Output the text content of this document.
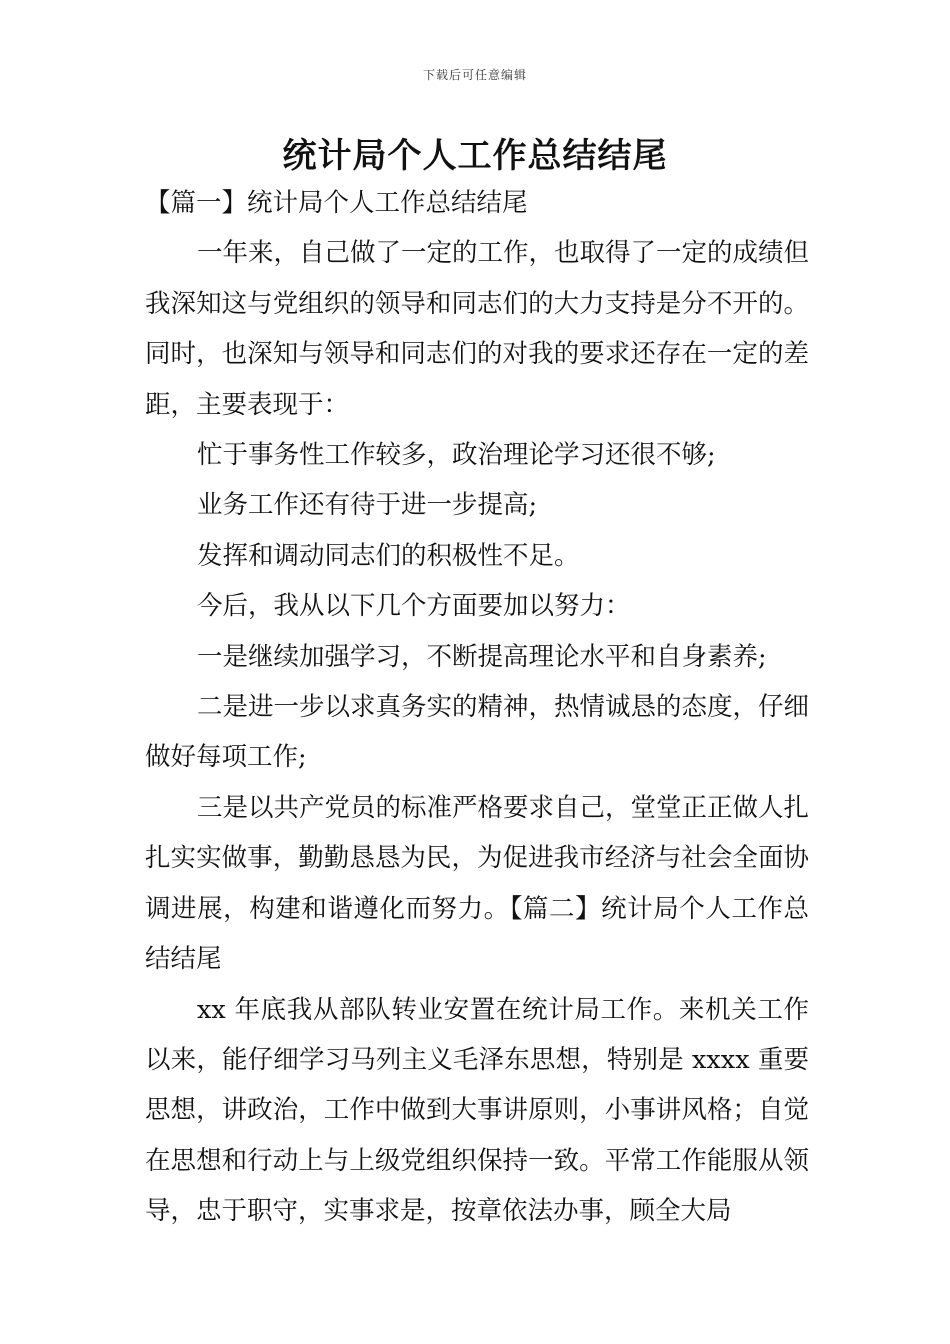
下载后可任意编辑
统计局个人工作总结结尾

【篇一】统计局个人工作总结结尾

一年来，自己做了一定的工作，也取得了一定的成绩但我深知这与党组织的领导和同志们的大力支持是分不开的。同时，也深知与领导和同志们的对我的要求还存在一定的差距，主要表现于：

忙于事务性工作较多，政治理论学习还很不够;

业务工作还有待于进一步提高;

发挥和调动同志们的积极性不足。

今后，我从以下几个方面要加以努力：

一是继续加强学习，不断提高理论水平和自身素养;

二是进一步以求真务实的精神，热情诚恳的态度，仔细做好每项工作;

三是以共产党员的标准严格要求自己，堂堂正正做人扎扎实实做事，勤勤恳恳为民，为促进我市经济与社会全面协调进展，构建和谐遵化而努力。【篇二】统计局个人工作总结结尾

xx 年底我从部队转业安置在统计局工作。来机关工作以来，能仔细学习马列主义毛泽东思想，特别是 xxxx 重要思想，讲政治，工作中做到大事讲原则，小事讲风格；自觉在思想和行动上与上级党组织保持一致。平常工作能服从领导，忠于职守，实事求是，按章依法办事，顾全大局
